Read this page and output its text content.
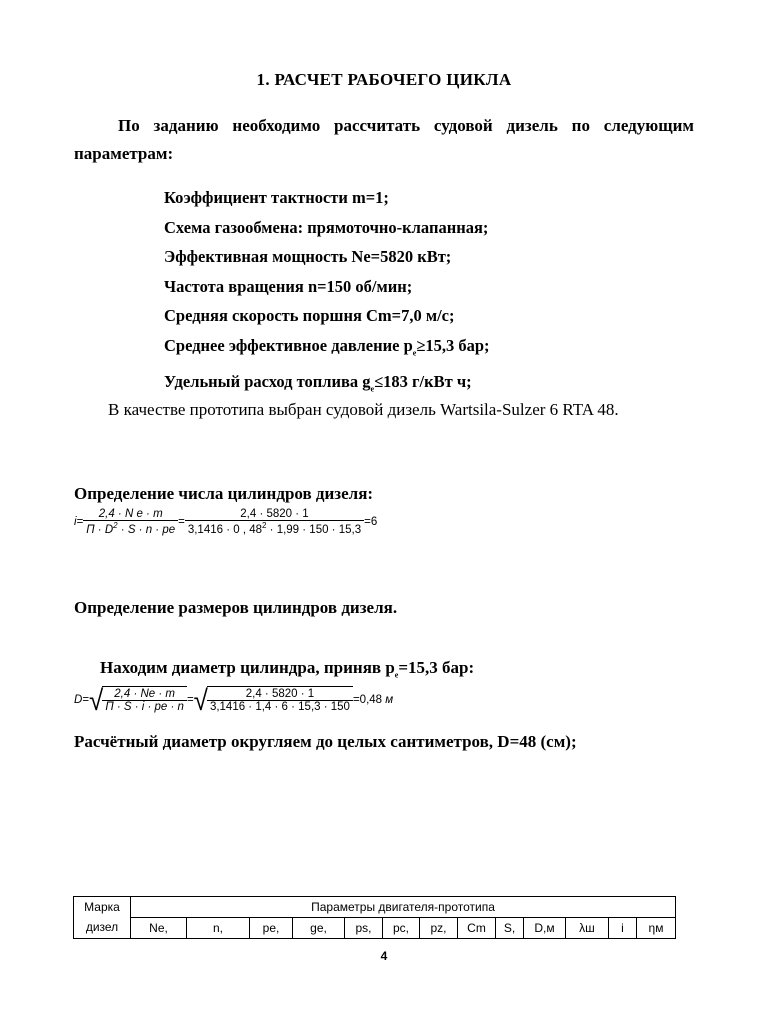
1. РАСЧЕТ РАБОЧЕГО ЦИКЛА
По заданию необходимо рассчитать судовой дизель по следующим параметрам:
Коэффициент тактности m=1;
Схема газообмена: прямоточно-клапанная;
Эффективная мощность Ne=5820 кВт;
Частота вращения n=150 об/мин;
Средняя скорость поршня Cm=7,0 м/с;
Среднее эффективное давление $p_е\ge 15,3$ бар;
Удельный расход топлива $g_е\le 183$ г/кВт ч;
В качестве прототипа выбран судовой дизель Wartsila-Sulzer 6 RTA 48.
Определение числа цилиндров дизеля:
$i = \frac{\text{2,4 · N e · m}}{П \cdot D^2 \cdot S \cdot n \cdot pe} = \frac{2,4 \cdot 5820 \cdot 1}{3,1416 \cdot 0 , 48^2 \cdot 1,99 \cdot 150 \cdot 15,3} = 6$
Определение размеров цилиндров дизеля.
Находим диаметр цилиндра, приняв $p_е=15,3$ бар:
D = √ $\frac{2,4 \cdot Ne \cdot m}{П \cdot S \cdot i \cdot pe \cdot n}$ = √ $\frac{2,4 \cdot 5820 \cdot 1}{3,1416 \cdot 1,4 \cdot 6 \cdot 15,3 \cdot 150} = 0,48$
м
Расчётный диаметр округляем до целых сантиметров, D=48 (см);
Марка
дизел	Параметры двигателя-прототипа												
	Ne,	n,	pe,	ge,	ps,	pc,	pz,	Cm	S,	D,м	λш	i	ηм
4
